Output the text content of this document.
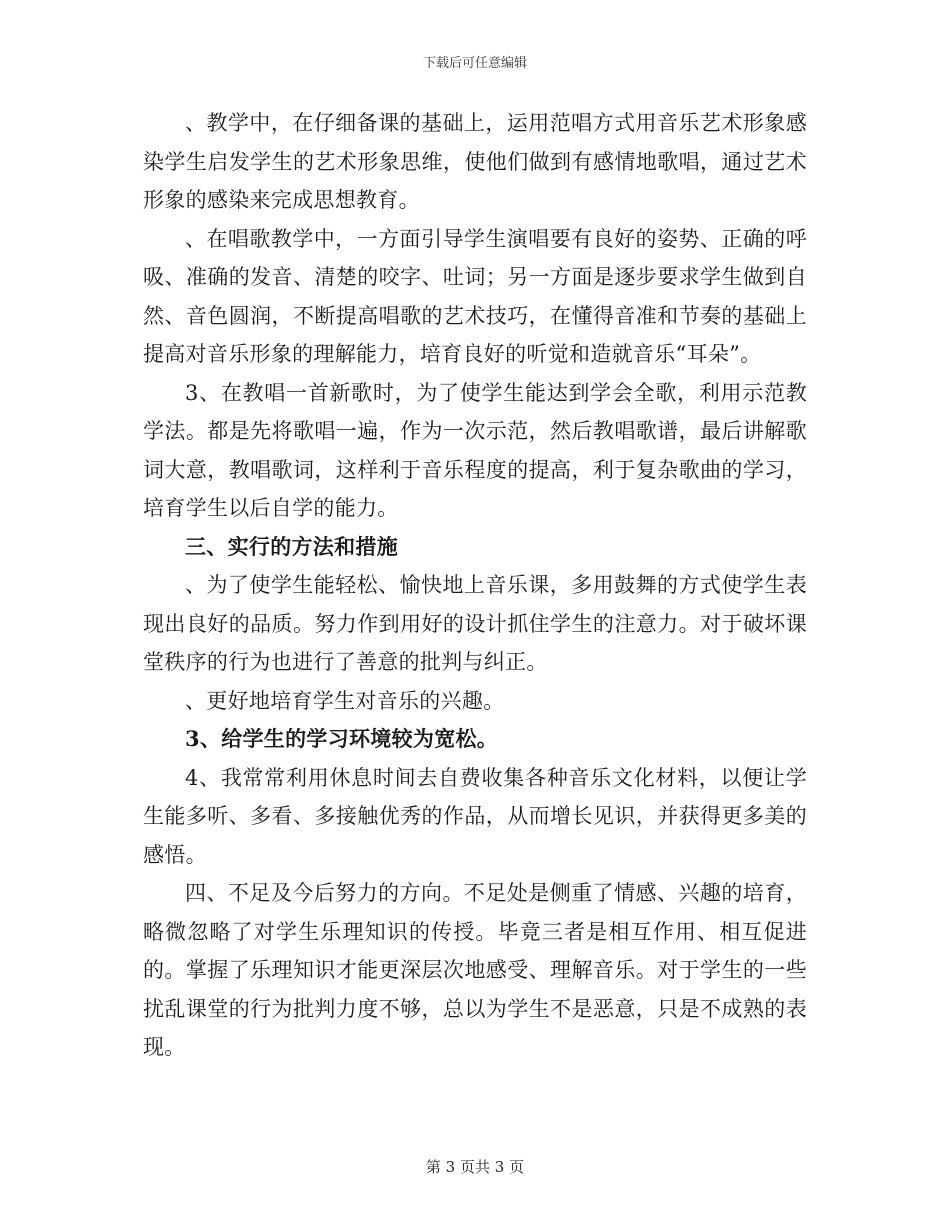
下载后可任意编辑

、教学中，在仔细备课的基础上，运用范唱方式用音乐艺术形象感染学生启发学生的艺术形象思维，使他们做到有感情地歌唱，通过艺术形象的感染来完成思想教育。

、在唱歌教学中，一方面引导学生演唱要有良好的姿势、正确的呼吸、准确的发音、清楚的咬字、吐词；另一方面是逐步要求学生做到自然、音色圆润，不断提高唱歌的艺术技巧，在懂得音准和节奏的基础上提高对音乐形象的理解能力，培育良好的听觉和造就音乐“耳朵”。

3、在教唱一首新歌时，为了使学生能达到学会全歌，利用示范教学法。都是先将歌唱一遍，作为一次示范，然后教唱歌谱，最后讲解歌词大意，教唱歌词，这样利于音乐程度的提高，利于复杂歌曲的学习，培育学生以后自学的能力。

三、实行的方法和措施

、为了使学生能轻松、愉快地上音乐课，多用鼓舞的方式使学生表现出良好的品质。努力作到用好的设计抓住学生的注意力。对于破坏课堂秩序的行为也进行了善意的批判与纠正。

、更好地培育学生对音乐的兴趣。

3、给学生的学习环境较为宽松。

4、我常常利用休息时间去自费收集各种音乐文化材料，以便让学生能多听、多看、多接触优秀的作品，从而增长见识，并获得更多美的感悟。

四、不足及今后努力的方向。不足处是侧重了情感、兴趣的培育，略微忽略了对学生乐理知识的传授。毕竟三者是相互作用、相互促进的。掌握了乐理知识才能更深层次地感受、理解音乐。对于学生的一些扰乱课堂的行为批判力度不够，总以为学生不是恶意，只是不成熟的表现。

第 3 页共 3 页
